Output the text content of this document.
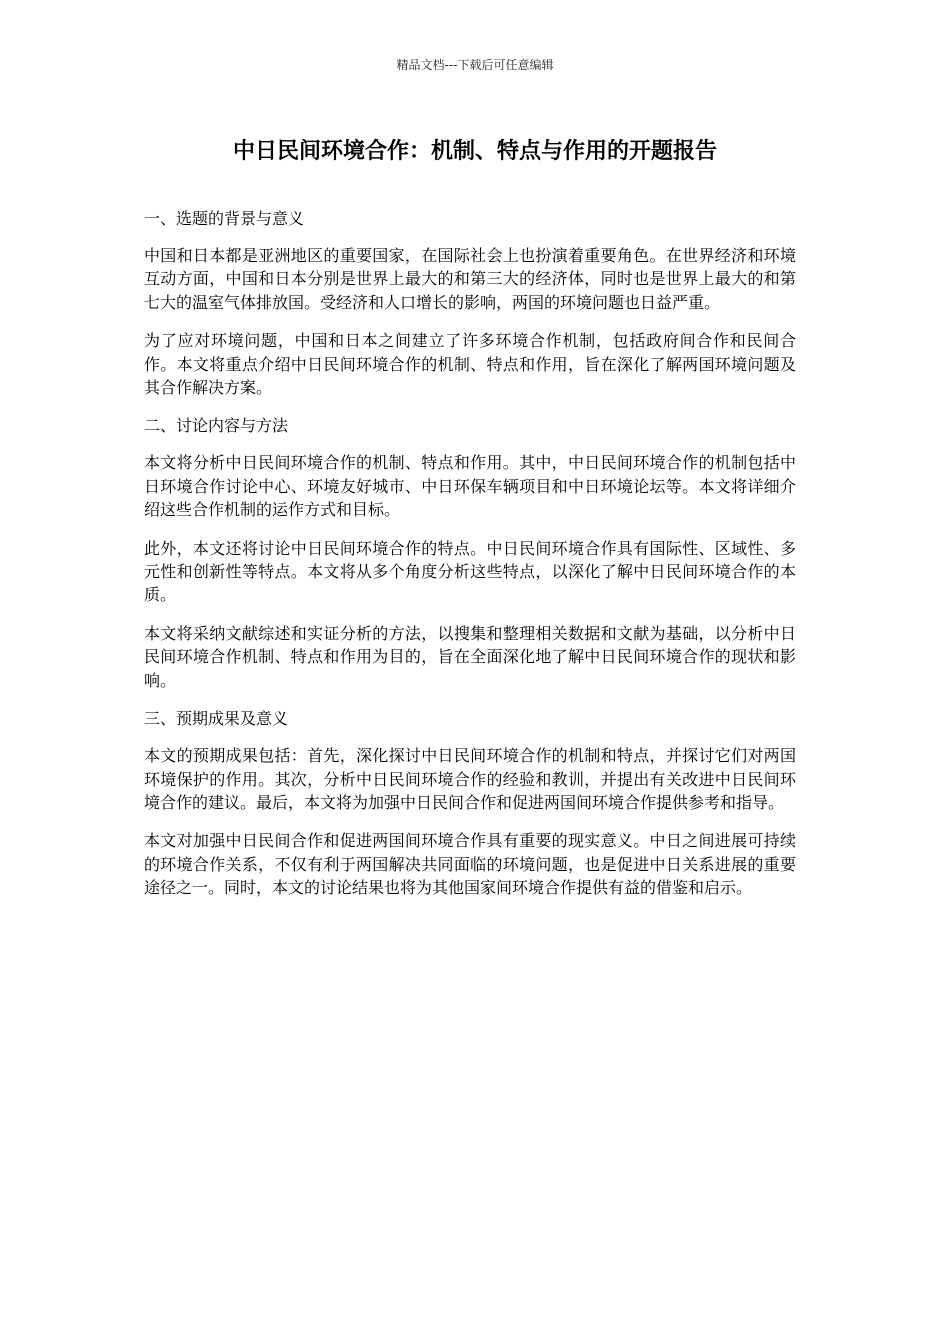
精品文档---下载后可任意编辑
中日民间环境合作：机制、特点与作用的开题报告

一、选题的背景与意义

中国和日本都是亚洲地区的重要国家，在国际社会上也扮演着重要角色。在世界经济和环境互动方面，中国和日本分别是世界上最大的和第三大的经济体，同时也是世界上最大的和第七大的温室气体排放国。受经济和人口增长的影响，两国的环境问题也日益严重。

为了应对环境问题，中国和日本之间建立了许多环境合作机制，包括政府间合作和民间合作。本文将重点介绍中日民间环境合作的机制、特点和作用，旨在深化了解两国环境问题及其合作解决方案。

二、讨论内容与方法

本文将分析中日民间环境合作的机制、特点和作用。其中，中日民间环境合作的机制包括中日环境合作讨论中心、环境友好城市、中日环保车辆项目和中日环境论坛等。本文将详细介绍这些合作机制的运作方式和目标。

此外，本文还将讨论中日民间环境合作的特点。中日民间环境合作具有国际性、区域性、多元性和创新性等特点。本文将从多个角度分析这些特点，以深化了解中日民间环境合作的本质。

本文将采纳文献综述和实证分析的方法，以搜集和整理相关数据和文献为基础，以分析中日民间环境合作机制、特点和作用为目的，旨在全面深化地了解中日民间环境合作的现状和影响。

三、预期成果及意义

本文的预期成果包括：首先，深化探讨中日民间环境合作的机制和特点，并探讨它们对两国环境保护的作用。其次，分析中日民间环境合作的经验和教训，并提出有关改进中日民间环境合作的建议。最后，本文将为加强中日民间合作和促进两国间环境合作提供参考和指导。

本文对加强中日民间合作和促进两国间环境合作具有重要的现实意义。中日之间进展可持续的环境合作关系，不仅有利于两国解决共同面临的环境问题，也是促进中日关系进展的重要途径之一。同时，本文的讨论结果也将为其他国家间环境合作提供有益的借鉴和启示。
